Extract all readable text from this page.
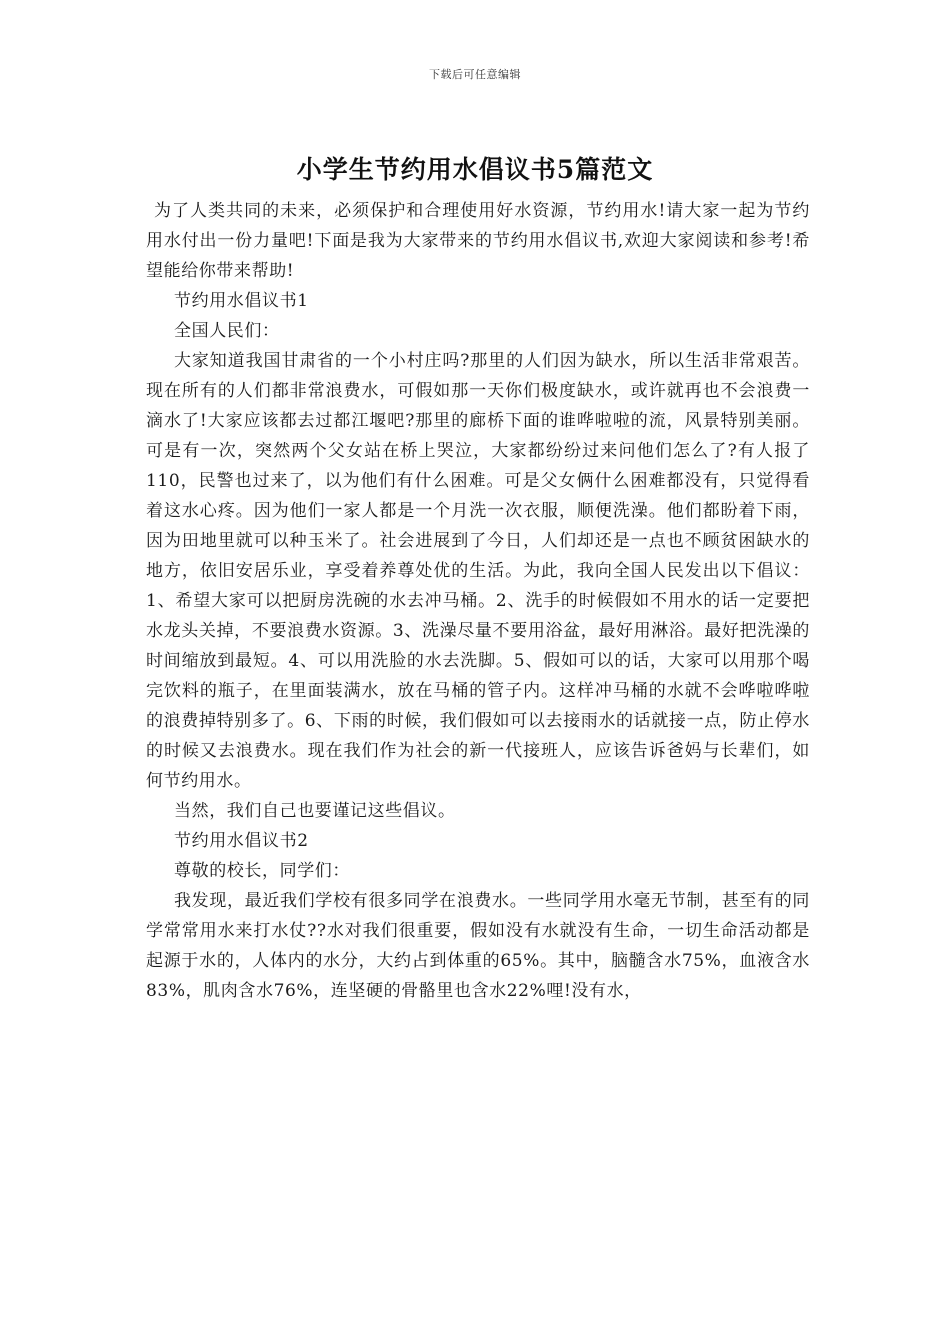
下载后可任意编辑
小学生节约用水倡议书5篇范文

为了人类共同的未来，必须保护和合理使用好水资源，节约用水!请大家一起为节约用水付出一份力量吧!下面是我为大家带来的节约用水倡议书,欢迎大家阅读和参考!希望能给你带来帮助!

节约用水倡议书1

全国人民们：

大家知道我国甘肃省的一个小村庄吗?那里的人们因为缺水，所以生活非常艰苦。现在所有的人们都非常浪费水，可假如那一天你们极度缺水，或许就再也不会浪费一滴水了!大家应该都去过都江堰吧?那里的廊桥下面的谁哗啦啦的流，风景特别美丽。可是有一次，突然两个父女站在桥上哭泣，大家都纷纷过来问他们怎么了?有人报了110，民警也过来了，以为他们有什么困难。可是父女俩什么困难都没有，只觉得看着这水心疼。因为他们一家人都是一个月洗一次衣服，顺便洗澡。他们都盼着下雨，因为田地里就可以种玉米了。社会进展到了今日，人们却还是一点也不顾贫困缺水的地方，依旧安居乐业，享受着养尊处优的生活。为此，我向全国人民发出以下倡议：1、希望大家可以把厨房洗碗的水去冲马桶。2、洗手的时候假如不用水的话一定要把水龙头关掉，不要浪费水资源。3、洗澡尽量不要用浴盆，最好用淋浴。最好把洗澡的时间缩放到最短。4、可以用洗脸的水去洗脚。5、假如可以的话，大家可以用那个喝完饮料的瓶子，在里面装满水，放在马桶的管子内。这样冲马桶的水就不会哗啦哗啦的浪费掉特别多了。6、下雨的时候，我们假如可以去接雨水的话就接一点，防止停水的时候又去浪费水。现在我们作为社会的新一代接班人，应该告诉爸妈与长辈们，如何节约用水。

当然，我们自己也要谨记这些倡议。

节约用水倡议书2

尊敬的校长，同学们：

我发现，最近我们学校有很多同学在浪费水。一些同学用水毫无节制，甚至有的同学常常用水来打水仗??水对我们很重要，假如没有水就没有生命，一切生命活动都是起源于水的，人体内的水分，大约占到体重的65%。其中，脑髓含水75%，血液含水83%，肌肉含水76%，连坚硬的骨骼里也含水22%哩!没有水，
